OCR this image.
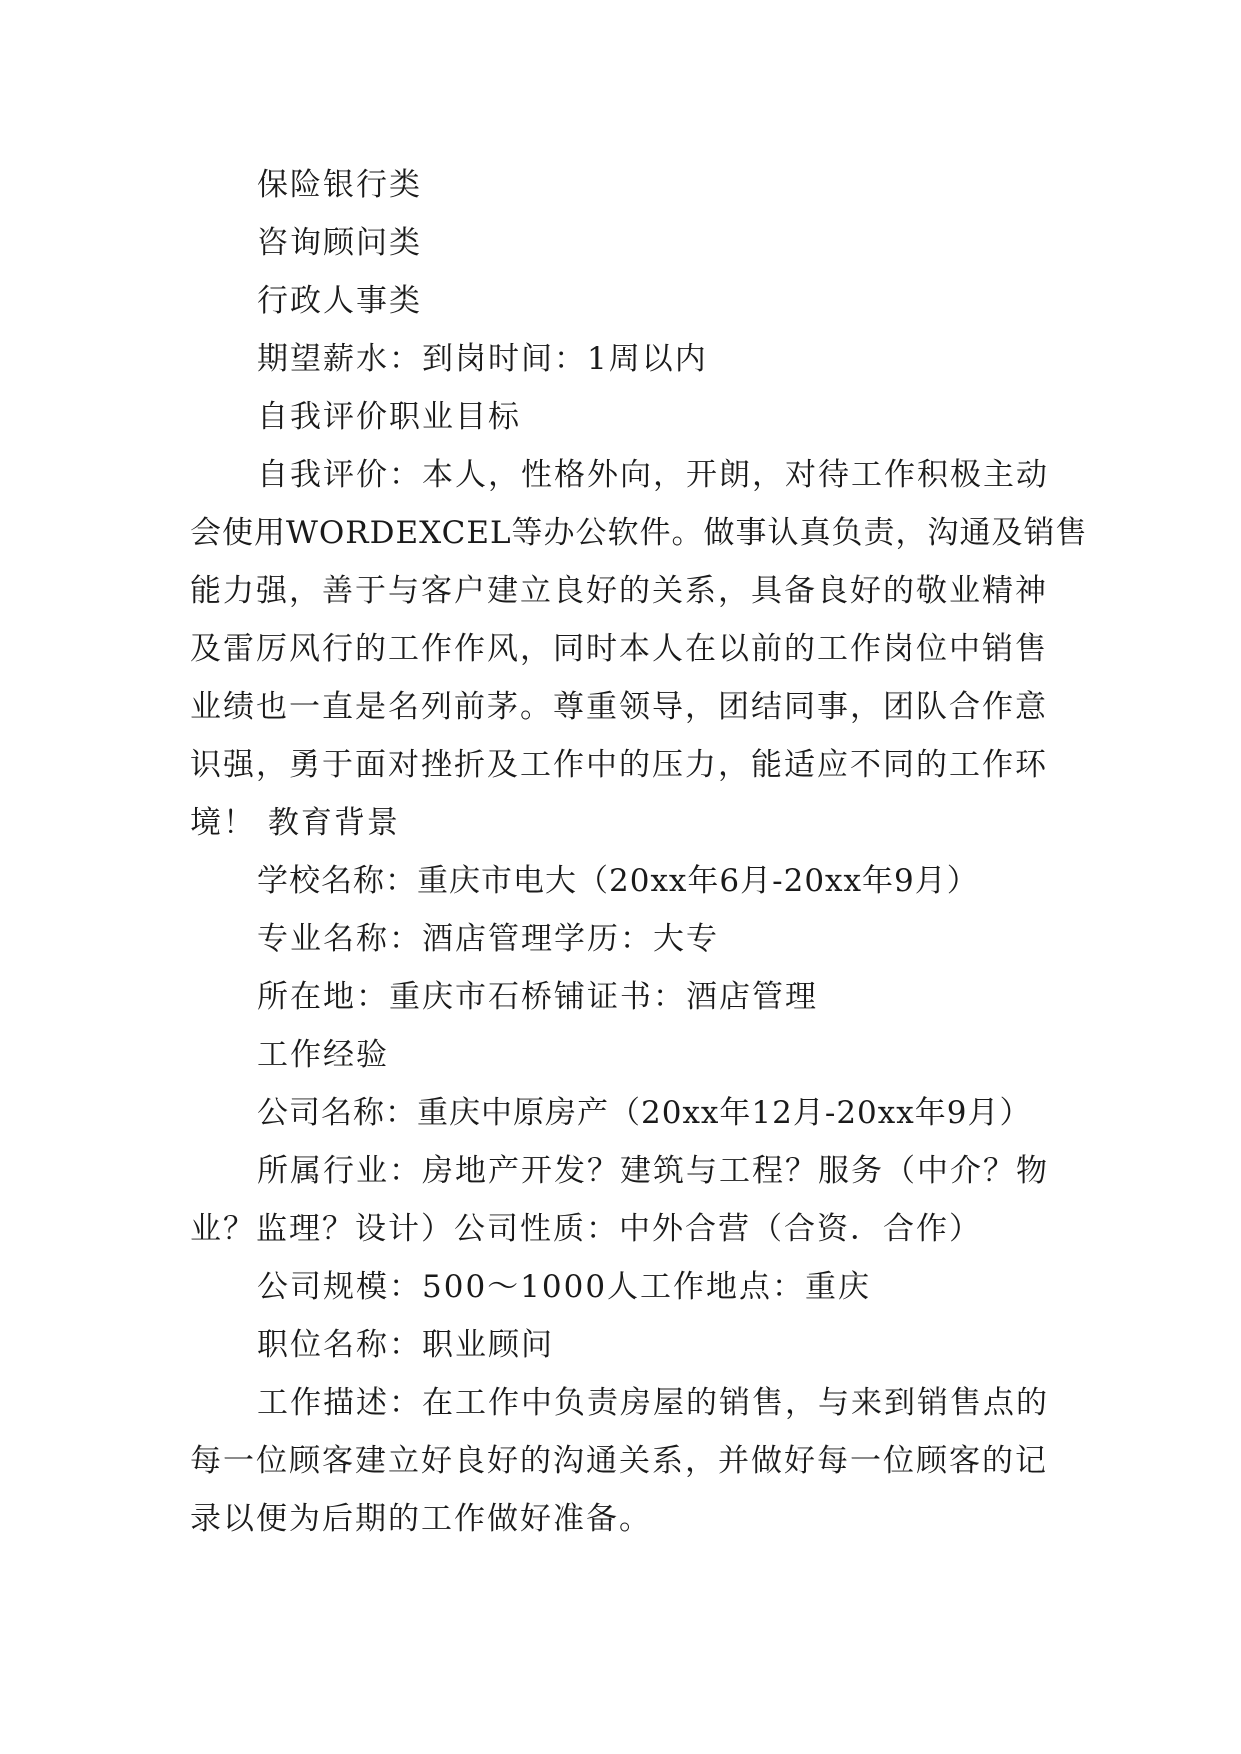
保险银行类
咨询顾问类
行政人事类
期望薪水：到岗时间：1周以内
自我评价职业目标
自我评价：本人，性格外向，开朗，对待工作积极主动
会使用WORDEXCEL等办公软件。做事认真负责，沟通及销售
能力强，善于与客户建立良好的关系，具备良好的敬业精神
及雷厉风行的工作作风，同时本人在以前的工作岗位中销售
业绩也一直是名列前茅。尊重领导，团结同事，团队合作意
识强，勇于面对挫折及工作中的压力，能适应不同的工作环
境！ 教育背景
学校名称：重庆市电大（20xx年6月-20xx年9月）
专业名称：酒店管理学历：大专
所在地：重庆市石桥铺证书：酒店管理
工作经验
公司名称：重庆中原房产（20xx年12月-20xx年9月）
所属行业：房地产开发？建筑与工程？服务（中介？物
业？监理？设计）公司性质：中外合营（合资．合作）
公司规模：500～1000人工作地点：重庆
职位名称：职业顾问
工作描述：在工作中负责房屋的销售，与来到销售点的
每一位顾客建立好良好的沟通关系，并做好每一位顾客的记
录以便为后期的工作做好准备。
